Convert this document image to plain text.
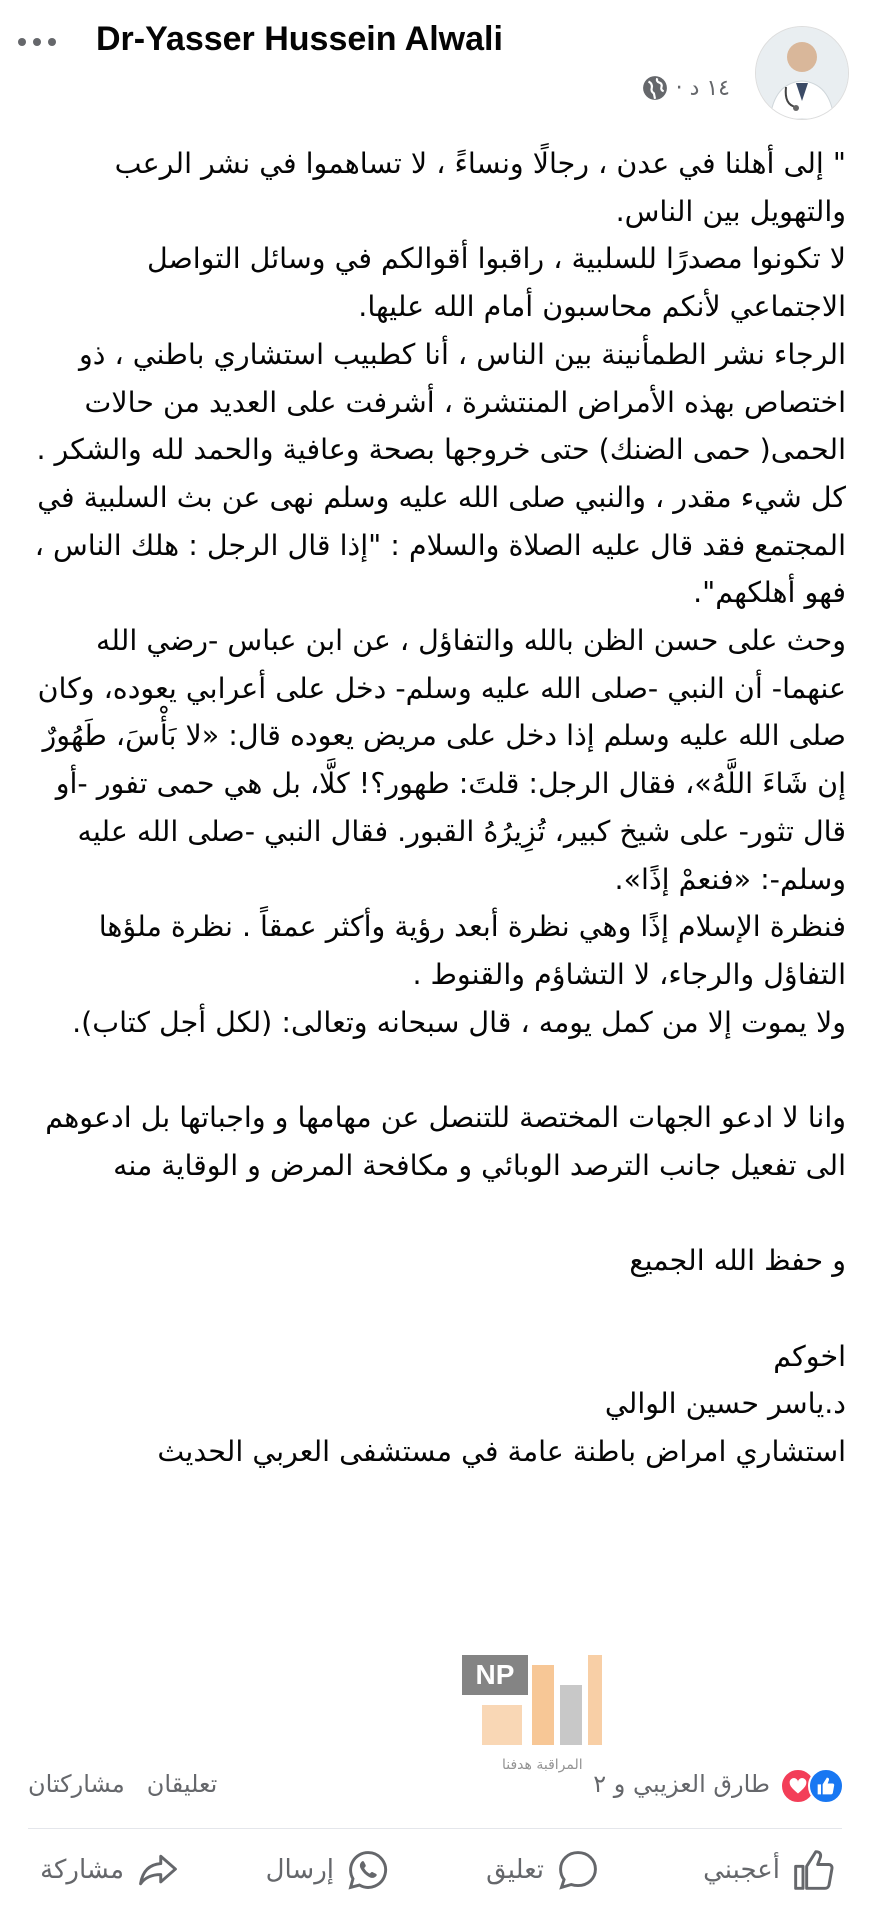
Dr-Yasser Hussein Alwali
١٤ د ·
" إلى أهلنا في عدن ، رجالًا ونساءً ، لا تساهموا في نشر الرعب والتهويل بين الناس.
لا تكونوا مصدرًا للسلبية ، راقبوا أقوالكم في وسائل التواصل الاجتماعي لأنكم محاسبون أمام الله عليها.
الرجاء نشر الطمأنينة بين الناس ، أنا كطبيب استشاري باطني ، ذو اختصاص بهذه الأمراض المنتشرة ، أشرفت على العديد من حالات الحمى( حمى الضنك) حتى خروجها بصحة وعافية والحمد لله والشكر .
كل شيء مقدر ، والنبي صلى الله عليه وسلم نهى عن بث السلبية في المجتمع فقد قال عليه الصلاة والسلام : "إذا قال الرجل : هلك الناس ، فهو أهلكهم".
وحث على حسن الظن بالله والتفاؤل ، عن ابن عباس -رضي الله عنهما- أن النبي -صلى الله عليه وسلم- دخل على أعرابي يعوده، وكان صلى الله عليه وسلم إذا دخل على مريض يعوده قال: «لا بَأْسَ، طَهُورٌ إن شَاءَ اللَّهُ»، فقال الرجل: قلتَ: طهور؟! كلَّا، بل هي حمى تفور -أو قال تثور- على شيخ كبير، تُزِيرُهُ القبور. فقال النبي -صلى الله عليه وسلم-: «فنعمْ إذًا».
فنظرة الإسلام إذًا وهي نظرة أبعد رؤية وأكثر عمقاً . نظرة ملؤها التفاؤل والرجاء، لا التشاؤم والقنوط .
ولا يموت إلا من كمل يومه ، قال سبحانه وتعالى: (لكل أجل كتاب).

وانا لا ادعو الجهات المختصة للتنصل عن مهامها و واجباتها بل ادعوهم الى تفعيل جانب الترصد الوبائي و مكافحة المرض و الوقاية منه

و حفظ الله الجميع

اخوكم
د.ياسر حسين الوالي
استشاري امراض باطنة عامة في مستشفى العربي الحديث
NP
المراقبة هدفنا
طارق العزيبي و ٢
تعليقان
مشاركتان
أعجبني
تعليق
إرسال
مشاركة
